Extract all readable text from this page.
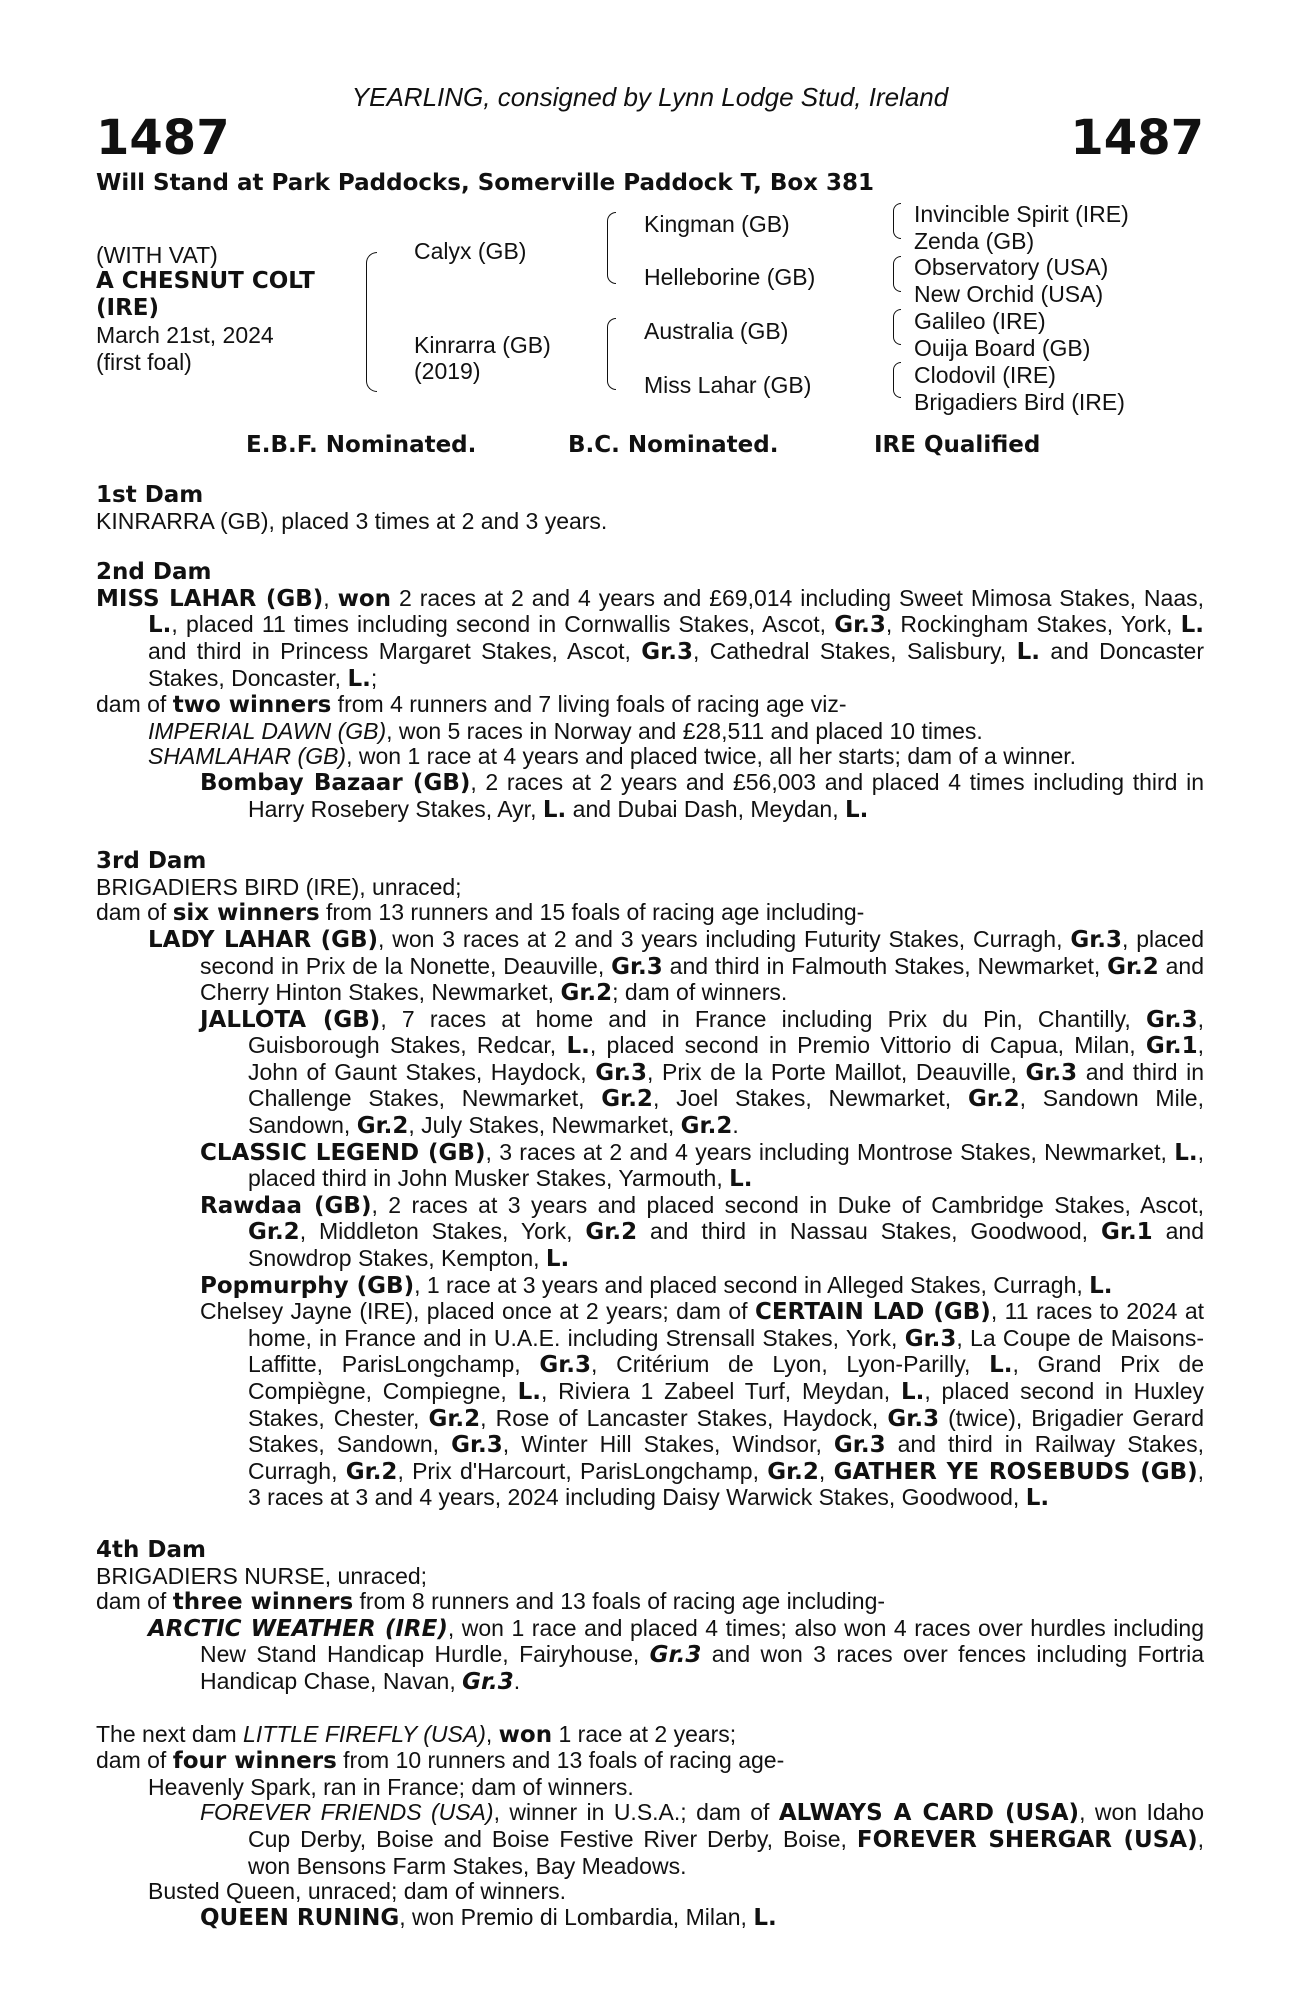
YEARLING, consigned by Lynn Lodge Stud, Ireland
1487	1487
Will Stand at Park Paddocks, Somerville Paddock T, Box 381
(WITH VAT)
A CHESNUT COLT
(IRE)
March 21st, 2024
(first foal)
Calyx (GB)
Kinrarra (GB)
(2019)
Kingman (GB)
Helleborine (GB)
Australia (GB)
Miss Lahar (GB)
Invincible Spirit (IRE)
Zenda (GB)
Observatory (USA)
New Orchid (USA)
Galileo (IRE)
Ouija Board (GB)
Clodovil (IRE)
Brigadiers Bird (IRE)
E.B.F. Nominated.	B.C. Nominated.	IRE Qualified

1st Dam

KINRARRA (GB), placed 3 times at 2 and 3 years.

2nd Dam

MISS LAHAR (GB), won 2 races at 2 and 4 years and £69,014 including Sweet Mimosa Stakes, Naas, L., placed 11 times including second in Cornwallis Stakes, Ascot, Gr.3, Rockingham Stakes, York, L. and third in Princess Margaret Stakes, Ascot, Gr.3, Cathedral Stakes, Salisbury, L. and Doncaster Stakes, Doncaster, L.;

dam of two winners from 4 runners and 7 living foals of racing age viz-

IMPERIAL DAWN (GB), won 5 races in Norway and £28,511 and placed 10 times.

SHAMLAHAR (GB), won 1 race at 4 years and placed twice, all her starts; dam of a winner.

Bombay Bazaar (GB), 2 races at 2 years and £56,003 and placed 4 times including third in Harry Rosebery Stakes, Ayr, L. and Dubai Dash, Meydan, L.

3rd Dam

BRIGADIERS BIRD (IRE), unraced;

dam of six winners from 13 runners and 15 foals of racing age including-

LADY LAHAR (GB), won 3 races at 2 and 3 years including Futurity Stakes, Curragh, Gr.3, placed second in Prix de la Nonette, Deauville, Gr.3 and third in Falmouth Stakes, Newmarket, Gr.2 and Cherry Hinton Stakes, Newmarket, Gr.2; dam of winners.

JALLOTA (GB), 7 races at home and in France including Prix du Pin, Chantilly, Gr.3, Guisborough Stakes, Redcar, L., placed second in Premio Vittorio di Capua, Milan, Gr.1, John of Gaunt Stakes, Haydock, Gr.3, Prix de la Porte Maillot, Deauville, Gr.3 and third in Challenge Stakes, Newmarket, Gr.2, Joel Stakes, Newmarket, Gr.2, Sandown Mile, Sandown, Gr.2, July Stakes, Newmarket, Gr.2.

CLASSIC LEGEND (GB), 3 races at 2 and 4 years including Montrose Stakes, Newmarket, L., placed third in John Musker Stakes, Yarmouth, L.

Rawdaa (GB), 2 races at 3 years and placed second in Duke of Cambridge Stakes, Ascot, Gr.2, Middleton Stakes, York, Gr.2 and third in Nassau Stakes, Goodwood, Gr.1 and Snowdrop Stakes, Kempton, L.

Popmurphy (GB), 1 race at 3 years and placed second in Alleged Stakes, Curragh, L.

Chelsey Jayne (IRE), placed once at 2 years; dam of CERTAIN LAD (GB), 11 races to 2024 at home, in France and in U.A.E. including Strensall Stakes, York, Gr.3, La Coupe de Maisons-Laffitte, ParisLongchamp, Gr.3, Critérium de Lyon, Lyon-Parilly, L., Grand Prix de Compiègne, Compiegne, L., Riviera 1 Zabeel Turf, Meydan, L., placed second in Huxley Stakes, Chester, Gr.2, Rose of Lancaster Stakes, Haydock, Gr.3 (twice), Brigadier Gerard Stakes, Sandown, Gr.3, Winter Hill Stakes, Windsor, Gr.3 and third in Railway Stakes, Curragh, Gr.2, Prix d'Harcourt, ParisLongchamp, Gr.2, GATHER YE ROSEBUDS (GB), 3 races at 3 and 4 years, 2024 including Daisy Warwick Stakes, Goodwood, L.

4th Dam

BRIGADIERS NURSE, unraced;

dam of three winners from 8 runners and 13 foals of racing age including-

ARCTIC WEATHER (IRE), won 1 race and placed 4 times; also won 4 races over hurdles including New Stand Handicap Hurdle, Fairyhouse, Gr.3 and won 3 races over fences including Fortria Handicap Chase, Navan, Gr.3.

The next dam LITTLE FIREFLY (USA), won 1 race at 2 years;

dam of four winners from 10 runners and 13 foals of racing age-

Heavenly Spark, ran in France; dam of winners.

FOREVER FRIENDS (USA), winner in U.S.A.; dam of ALWAYS A CARD (USA), won Idaho Cup Derby, Boise and Boise Festive River Derby, Boise, FOREVER SHERGAR (USA), won Bensons Farm Stakes, Bay Meadows.

Busted Queen, unraced; dam of winners.

QUEEN RUNING, won Premio di Lombardia, Milan, L.
